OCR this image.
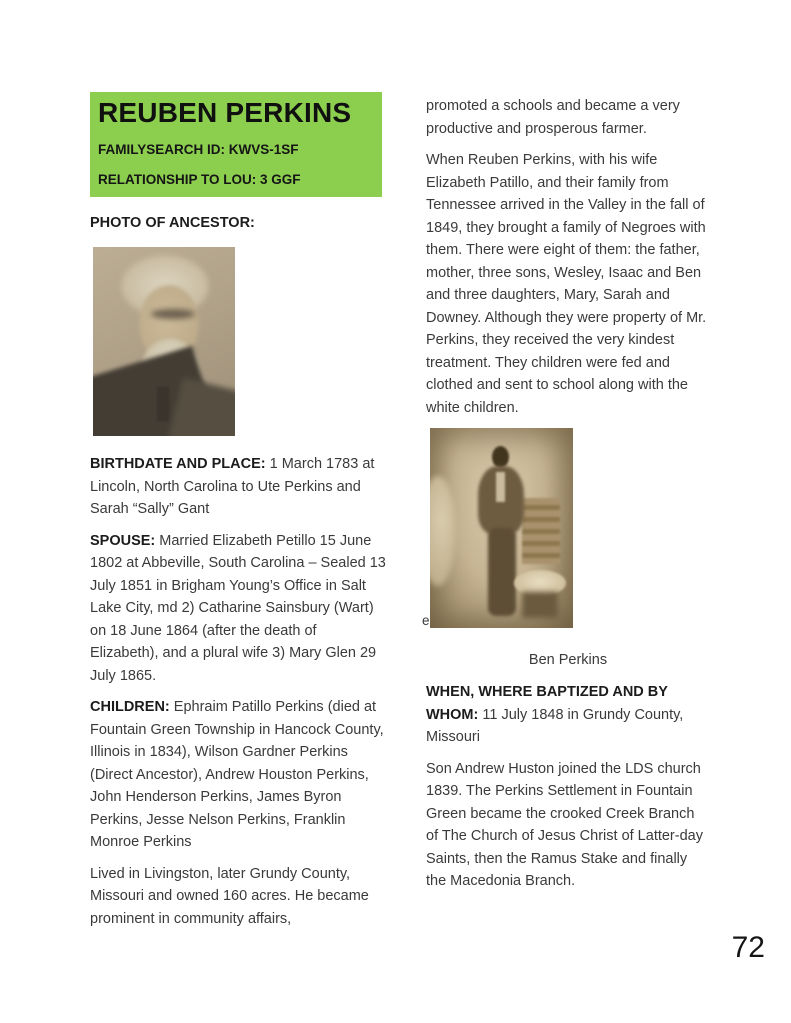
REUBEN PERKINS
FAMILYSEARCH ID: KWVS-1SF
RELATIONSHIP TO LOU: 3 GGF
PHOTO OF ANCESTOR:

BIRTHDATE AND PLACE: 1 March 1783 at Lincoln, North Carolina to Ute Perkins and Sarah “Sally” Gant

SPOUSE: Married Elizabeth Petillo 15 June 1802 at Abbeville, South Carolina – Sealed 13 July 1851 in Brigham Young’s Office in Salt Lake City, md 2) Catharine Sainsbury (Wart) on 18 June 1864 (after the death of Elizabeth), and a plural wife 3) Mary Glen 29 July 1865.

CHILDREN: Ephraim Patillo Perkins (died at Fountain Green Township in Hancock County, Illinois in 1834), Wilson Gardner Perkins (Direct Ancestor), Andrew Houston Perkins, John Henderson Perkins, James Byron Perkins, Jesse Nelson Perkins, Franklin Monroe Perkins

Lived in Livingston, later Grundy County, Missouri and owned 160 acres. He became prominent in community affairs,

promoted a schools and became a very productive and prosperous farmer.

When Reuben Perkins, with his wife Elizabeth Patillo, and their family from Tennessee arrived in the Valley in the fall of 1849, they brought a family of Negroes with them. There were eight of them: the father, mother, three sons, Wesley, Isaac and Ben and three daughters, Mary, Sarah and Downey. Although they were property of Mr. Perkins, they received the very kindest treatment. They children were fed and clothed and sent to school along with the white children.

e
Ben Perkins

WHEN, WHERE BAPTIZED AND BY WHOM: 11 July 1848 in Grundy County, Missouri

Son Andrew Huston joined the LDS church 1839. The Perkins Settlement in Fountain Green became the crooked Creek Branch of The Church of Jesus Christ of Latter-day Saints, then the Ramus Stake and finally the Macedonia Branch.

72
